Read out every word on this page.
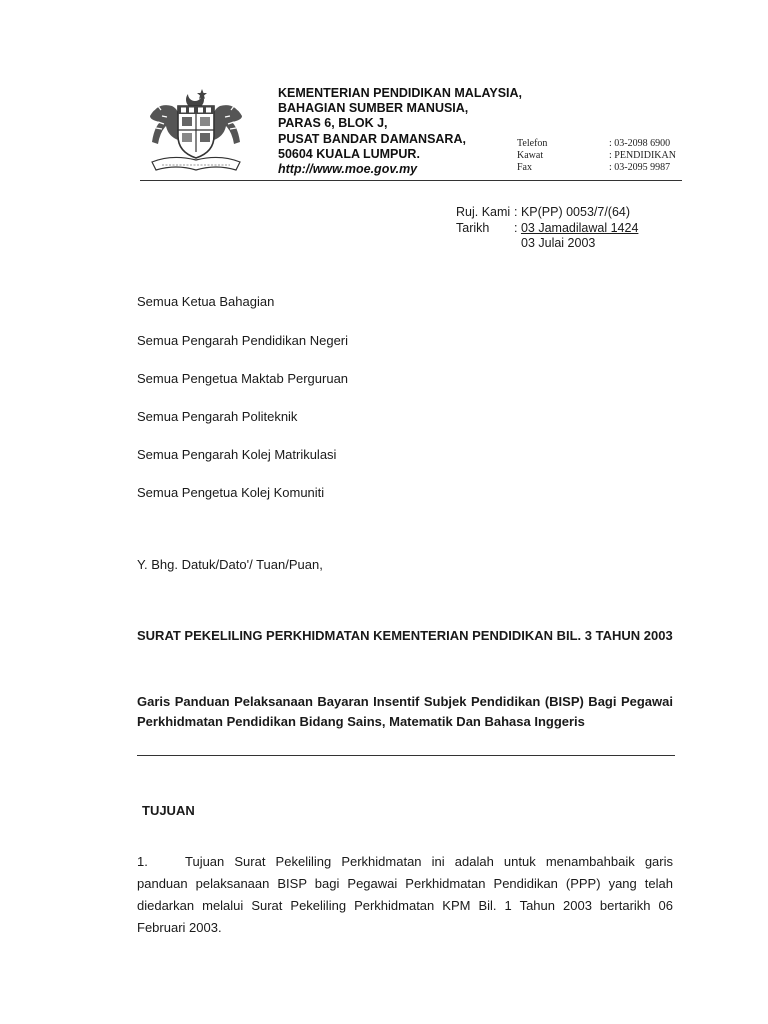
KEMENTERIAN PENDIDIKAN MALAYSIA,
BAHAGIAN SUMBER MANUSIA,
PARAS 6, BLOK J,
PUSAT BANDAR DAMANSARA,
50604 KUALA LUMPUR.
http://www.moe.gov.my
Telefon	: 03-2098 6900
Kawat	: PENDIDIKAN
Fax	: 03-2095 9987
Ruj. Kami : KP(PP) 0053/7/(64)
Tarikh	: 03 Jamadilawal 1424
03 Julai 2003
Semua Ketua Bahagian
Semua Pengarah Pendidikan Negeri
Semua Pengetua Maktab Perguruan
Semua Pengarah Politeknik
Semua Pengarah Kolej Matrikulasi
Semua Pengetua Kolej Komuniti
Y. Bhg. Datuk/Dato'/ Tuan/Puan,
SURAT PEKELILING PERKHIDMATAN KEMENTERIAN PENDIDIKAN BIL. 3 TAHUN 2003
Garis Panduan Pelaksanaan Bayaran Insentif Subjek Pendidikan (BISP) Bagi Pegawai Perkhidmatan Pendidikan Bidang Sains, Matematik Dan Bahasa Inggeris
TUJUAN
1.	Tujuan Surat Pekeliling Perkhidmatan ini adalah untuk menambahbaik garis panduan pelaksanaan BISP bagi Pegawai Perkhidmatan Pendidikan (PPP) yang telah diedarkan melalui Surat Pekeliling Perkhidmatan KPM Bil. 1 Tahun 2003 bertarikh 06 Februari 2003.
